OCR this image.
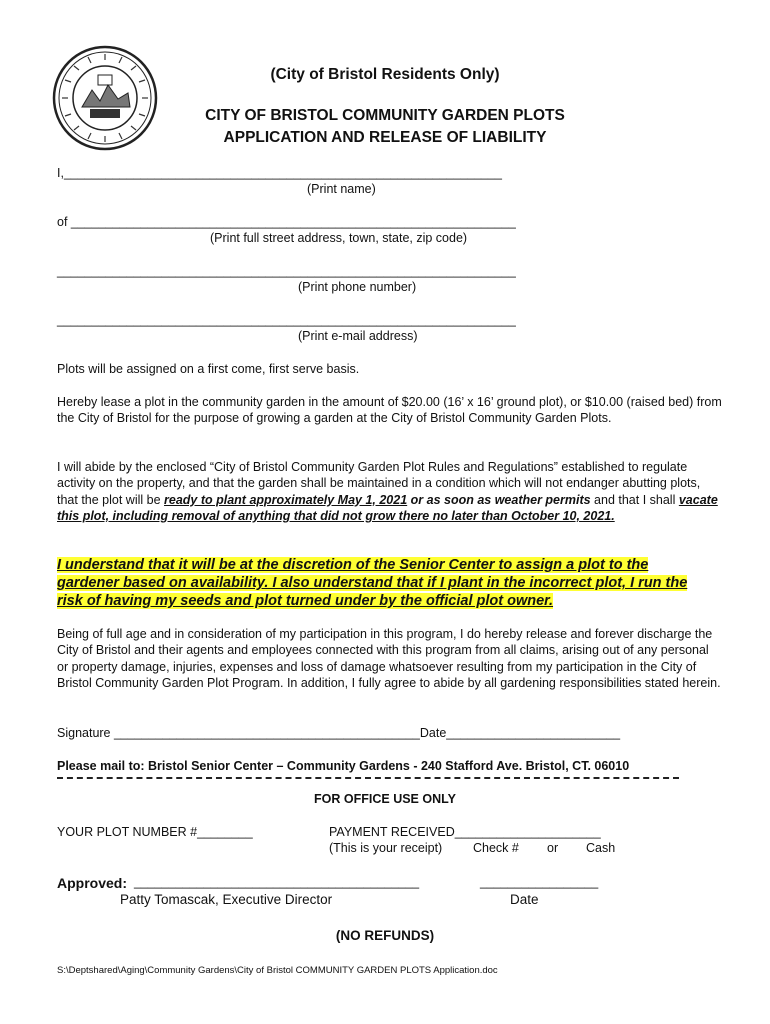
(City of Bristol Residents Only)
CITY OF BRISTOL COMMUNITY GARDEN PLOTS
APPLICATION AND RELEASE OF LIABILITY
I,_______________________________________________________________
(Print name)
of ________________________________________________________________
(Print full street address, town, state, zip code)
__________________________________________________________________
(Print phone number)
__________________________________________________________________
(Print e-mail address)
Plots will be assigned on a first come, first serve basis.

Hereby lease a plot in the community garden in the amount of $20.00 (16’ x 16’ ground plot), or $10.00 (raised bed) from the City of Bristol for the purpose of growing a garden at the City of Bristol Community Garden Plots.

I will abide by the enclosed “City of Bristol Community Garden Plot Rules and Regulations” established to regulate activity on the property, and that the garden shall be maintained in a condition which will not endanger abutting plots, that the plot will be ready to plant approximately May 1, 2021 or as soon as weather permits and that I shall vacate this plot, including removal of anything that did not grow there no later than October 10, 2021.

I understand that it will be at the discretion of the Senior Center to assign a plot to the
gardener based on availability. I also understand that if I plant in the incorrect plot, I run the
risk of having my seeds and plot turned under by the official plot owner.

Being of full age and in consideration of my participation in this program, I do hereby release and forever discharge the City of Bristol and their agents and employees connected with this program from all claims, arising out of any personal or property damage, injuries, expenses and loss of damage whatsoever resulting from my participation in the City of Bristol Community Garden Plot Program. In addition, I fully agree to abide by all gardening responsibilities stated herein.

Signature ____________________________________________Date_________________________
Please mail to: Bristol Senior Center – Community Gardens - 240 Stafford Ave. Bristol, CT. 06010
FOR OFFICE USE ONLY
YOUR PLOT NUMBER #________	PAYMENT RECEIVED_____________________
(This is your receipt) Check # or Cash
Approved: _________________________________________	_________________
Patty Tomascak, Executive Director	Date
(NO REFUNDS)
S:\Deptshared\Aging\Community Gardens\City of Bristol COMMUNITY GARDEN PLOTS Application.doc
